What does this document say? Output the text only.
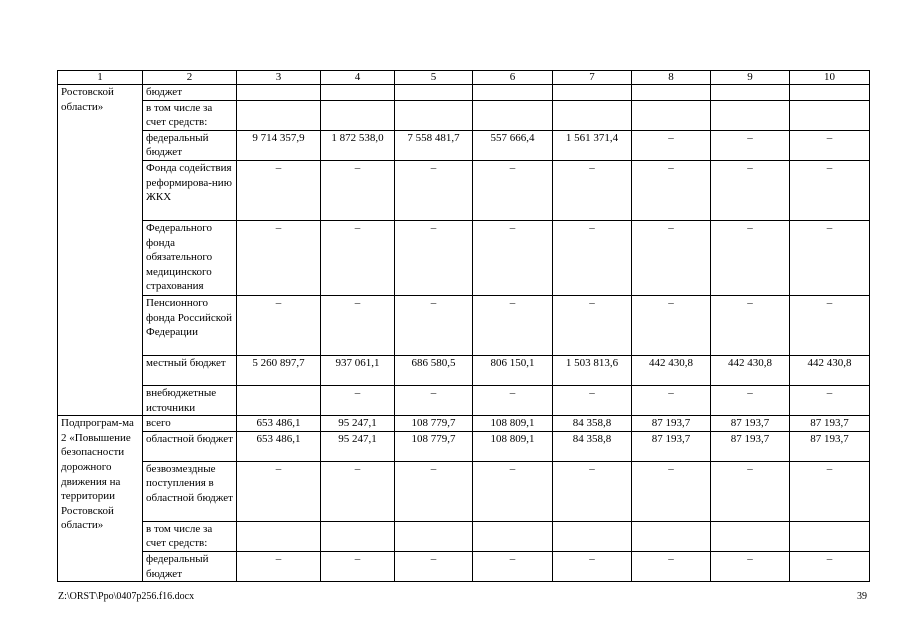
1	2	3	4	5	6	7	8	9	10
Ростовской области»	бюджет								
	в том числе за счет средств:								
	федеральный бюджет	9 714 357,9	1 872 538,0	7 558 481,7	557 666,4	1 561 371,4	–	–	–
	Фонда содействия реформирова-нию ЖКХ	–	–	–	–	–	–	–	–
	Федерального фонда обязательного медицинского страхования	–	–	–	–	–	–	–	–
	Пенсионного фонда Российской Федерации	–	–	–	–	–	–	–	–
	местный бюджет	5 260 897,7	937 061,1	686 580,5	806 150,1	1 503 813,6	442 430,8	442 430,8	442 430,8
	внебюджетные источники		–	–	–	–	–	–	–
Подпрограм-ма 2 «Повышение безопасности дорожного движения на территории Ростовской области»	всего	653 486,1	95 247,1	108 779,7	108 809,1	84 358,8	87 193,7	87 193,7	87 193,7
	областной бюджет	653 486,1	95 247,1	108 779,7	108 809,1	84 358,8	87 193,7	87 193,7	87 193,7
	безвозмездные поступления в областной бюджет	–	–	–	–	–	–	–	–
	в том числе за счет средств:								
	федеральный бюджет	–	–	–	–	–	–	–	–
Z:\ORST\Ppo\0407p256.f16.docx	39
